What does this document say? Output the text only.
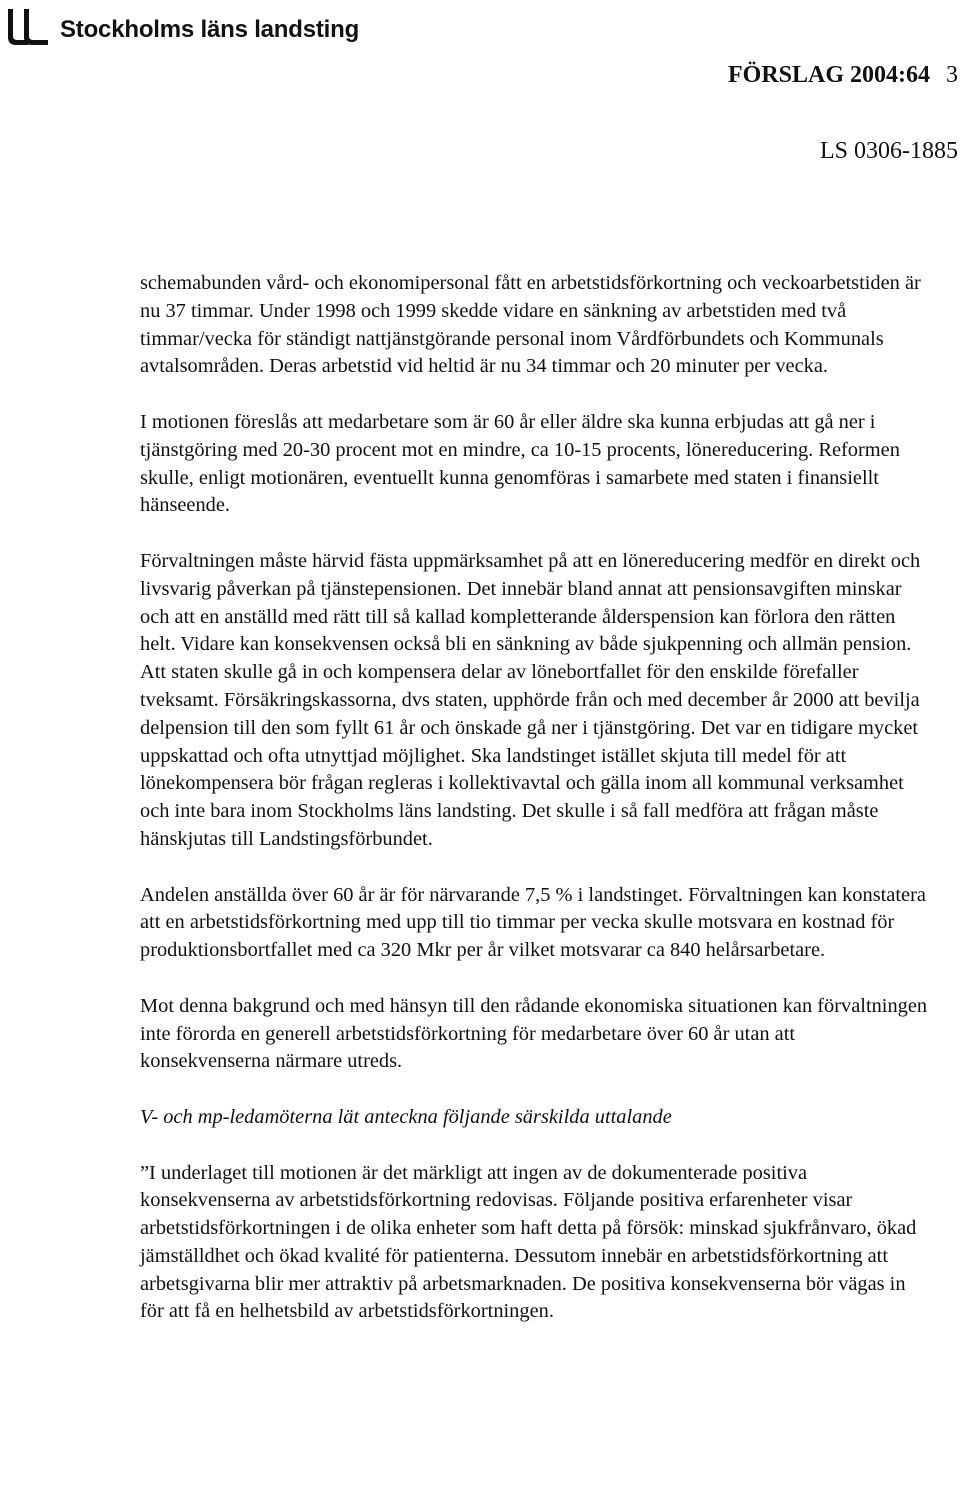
Stockholms läns landsting
FÖRSLAG 2004:64 3
LS 0306-1885

schemabunden vård- och ekonomipersonal fått en arbetstidsförkortning och veckoarbetstiden är nu 37 timmar. Under 1998 och 1999 skedde vidare en sänkning av arbetstiden med två timmar/vecka för ständigt nattjänstgörande personal inom Vårdförbundets och Kommunals avtalsområden. Deras arbetstid vid heltid är nu 34 timmar och 20 minuter per vecka.

I motionen föreslås att medarbetare som är 60 år eller äldre ska kunna erbjudas att gå ner i tjänstgöring med 20-30 procent mot en mindre, ca 10-15 procents, lönereducering. Reformen skulle, enligt motionären, eventuellt kunna genomföras i samarbete med staten i finansiellt hänseende.

Förvaltningen måste härvid fästa uppmärksamhet på att en lönereducering medför en direkt och livsvarig påverkan på tjänstepensionen. Det innebär bland annat att pensionsavgiften minskar och att en anställd med rätt till så kallad kompletterande ålderspension kan förlora den rätten helt. Vidare kan konsekvensen också bli en sänkning av både sjukpenning och allmän pension. Att staten skulle gå in och kompensera delar av lönebortfallet för den enskilde förefaller tveksamt. Försäkringskassorna, dvs staten, upphörde från och med december år 2000 att bevilja delpension till den som fyllt 61 år och önskade gå ner i tjänstgöring. Det var en tidigare mycket uppskattad och ofta utnyttjad möjlighet. Ska landstinget istället skjuta till medel för att lönekompensera bör frågan regleras i kollektivavtal och gälla inom all kommunal verksamhet och inte bara inom Stockholms läns landsting. Det skulle i så fall medföra att frågan måste hänskjutas till Landstingsförbundet.

Andelen anställda över 60 år är för närvarande 7,5 % i landstinget. Förvaltningen kan konstatera att en arbetstidsförkortning med upp till tio timmar per vecka skulle motsvara en kostnad för produktionsbortfallet med ca 320 Mkr per år vilket motsvarar ca 840 helårsarbetare.

Mot denna bakgrund och med hänsyn till den rådande ekonomiska situationen kan förvaltningen inte förorda en generell arbetstidsförkortning för medarbetare över 60 år utan att konsekvenserna närmare utreds.

V- och mp-ledamöterna lät anteckna följande särskilda uttalande

”I underlaget till motionen är det märkligt att ingen av de dokumenterade positiva konsekvenserna av arbetstidsförkortning redovisas. Följande positiva erfarenheter visar arbetstidsförkortningen i de olika enheter som haft detta på försök: minskad sjukfrånvaro, ökad jämställdhet och ökad kvalité för patienterna. Dessutom innebär en arbetstidsförkortning att arbetsgivarna blir mer attraktiv på arbetsmarknaden. De positiva konsekvenserna bör vägas in för att få en helhetsbild av arbetstidsförkortningen.
